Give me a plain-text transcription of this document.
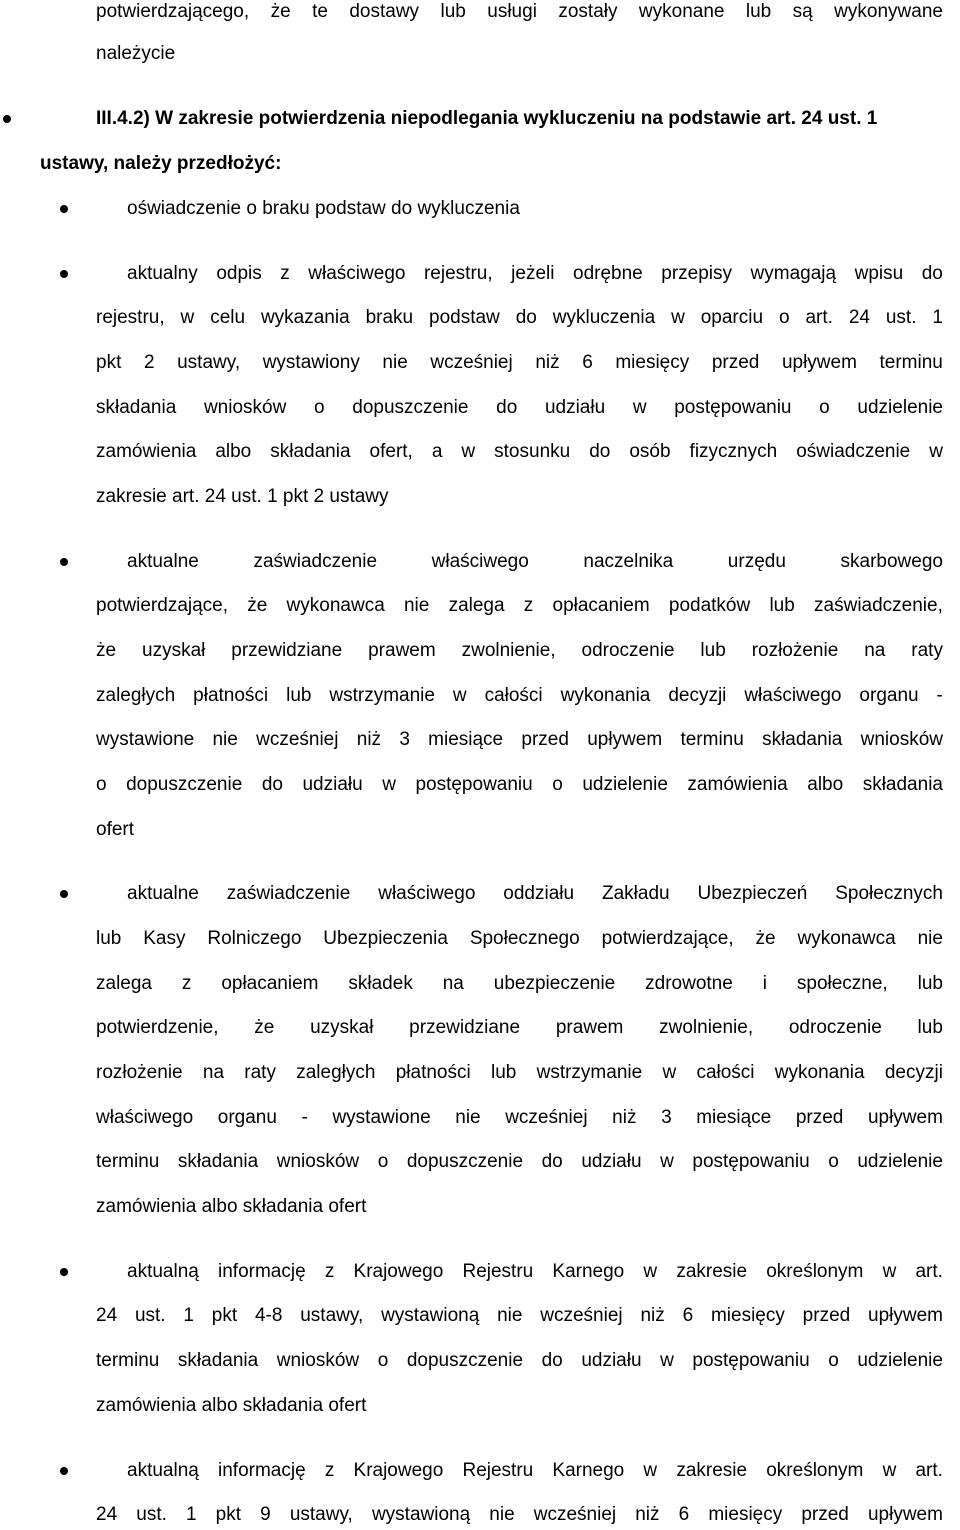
potwierdzającego, że te dostawy lub usługi zostały wykonane lub są wykonywane
należycie
III.4.2) W zakresie potwierdzenia niepodlegania wykluczeniu na podstawie art. 24 ust. 1
ustawy, należy przedłożyć:
oświadczenie o braku podstaw do wykluczenia
aktualny odpis z właściwego rejestru, jeżeli odrębne przepisy wymagają wpisu do
rejestru, w celu wykazania braku podstaw do wykluczenia w oparciu o art. 24 ust. 1
pkt 2 ustawy, wystawiony nie wcześniej niż 6 miesięcy przed upływem terminu
składania wniosków o dopuszczenie do udziału w postępowaniu o udzielenie
zamówienia albo składania ofert, a w stosunku do osób fizycznych oświadczenie w
zakresie art. 24 ust. 1 pkt 2 ustawy
aktualne	zaświadczenie	właściwego	naczelnika	urzędu	skarbowego
potwierdzające, że wykonawca nie zalega z opłacaniem podatków lub zaświadczenie,
że uzyskał przewidziane prawem zwolnienie, odroczenie lub rozłożenie na raty
zaległych płatności lub wstrzymanie w całości wykonania decyzji właściwego organu -
wystawione nie wcześniej niż 3 miesiące przed upływem terminu składania wniosków
o dopuszczenie do udziału w postępowaniu o udzielenie zamówienia albo składania
ofert
aktualne zaświadczenie właściwego oddziału Zakładu Ubezpieczeń Społecznych
lub Kasy Rolniczego Ubezpieczenia Społecznego potwierdzające, że wykonawca nie
zalega z opłacaniem składek na ubezpieczenie zdrowotne i społeczne, lub
potwierdzenie, że uzyskał przewidziane prawem zwolnienie, odroczenie lub
rozłożenie na raty zaległych płatności lub wstrzymanie w całości wykonania decyzji
właściwego organu - wystawione nie wcześniej niż 3 miesiące przed upływem
terminu składania wniosków o dopuszczenie do udziału w postępowaniu o udzielenie
zamówienia albo składania ofert
aktualną informację z Krajowego Rejestru Karnego w zakresie określonym w art.
24 ust. 1 pkt 4-8 ustawy, wystawioną nie wcześniej niż 6 miesięcy przed upływem
terminu składania wniosków o dopuszczenie do udziału w postępowaniu o udzielenie
zamówienia albo składania ofert
aktualną informację z Krajowego Rejestru Karnego w zakresie określonym w art.
24 ust. 1 pkt 9 ustawy, wystawioną nie wcześniej niż 6 miesięcy przed upływem
